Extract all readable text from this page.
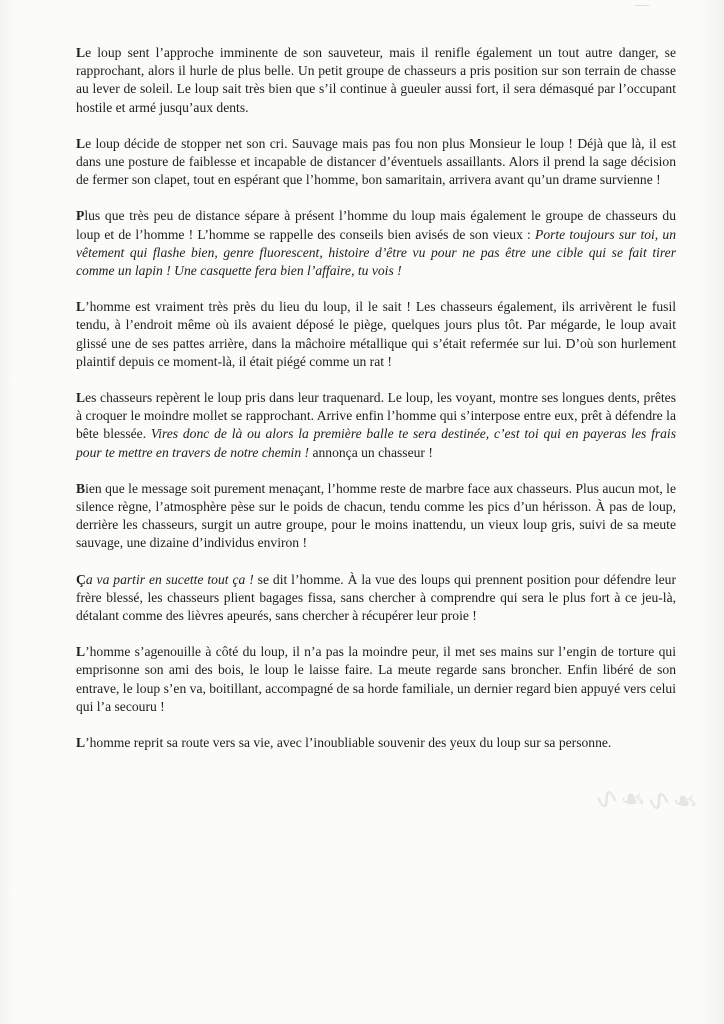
Le loup sent l’approche imminente de son sauveteur, mais il renifle également un tout autre danger, se rapprochant, alors il hurle de plus belle. Un petit groupe de chasseurs a pris position sur son terrain de chasse au lever de soleil. Le loup sait très bien que s’il continue à gueuler aussi fort, il sera démasqué par l’occupant hostile et armé jusqu’aux dents.

Le loup décide de stopper net son cri. Sauvage mais pas fou non plus Monsieur le loup ! Déjà que là, il est dans une posture de faiblesse et incapable de distancer d’éventuels assaillants. Alors il prend la sage décision de fermer son clapet, tout en espérant que l’homme, bon samaritain, arrivera avant qu’un drame survienne !

Plus que très peu de distance sépare à présent l’homme du loup mais également le groupe de chasseurs du loup et de l’homme ! L’homme se rappelle des conseils bien avisés de son vieux : Porte toujours sur toi, un vêtement qui flashe bien, genre fluorescent, histoire d’être vu pour ne pas être une cible qui se fait tirer comme un lapin ! Une casquette fera bien l’affaire, tu vois !

L’homme est vraiment très près du lieu du loup, il le sait ! Les chasseurs également, ils arrivèrent le fusil tendu, à l’endroit même où ils avaient déposé le piège, quelques jours plus tôt. Par mégarde, le loup avait glissé une de ses pattes arrière, dans la mâchoire métallique qui s’était refermée sur lui. D’où son hurlement plaintif depuis ce moment-là, il était piégé comme un rat !

Les chasseurs repèrent le loup pris dans leur traquenard. Le loup, les voyant, montre ses longues dents, prêtes à croquer le moindre mollet se rapprochant. Arrive enfin l’homme qui s’interpose entre eux, prêt à défendre la bête blessée. Vires donc de là ou alors la première balle te sera destinée, c’est toi qui en payeras les frais pour te mettre en travers de notre chemin ! annonça un chasseur !

Bien que le message soit purement menaçant, l’homme reste de marbre face aux chasseurs. Plus aucun mot, le silence règne, l’atmosphère pèse sur le poids de chacun, tendu comme les pics d’un hérisson. À pas de loup, derrière les chasseurs, surgit un autre groupe, pour le moins inattendu, un vieux loup gris, suivi de sa meute sauvage, une dizaine d’individus environ !

Ça va partir en sucette tout ça ! se dit l’homme. À la vue des loups qui prennent position pour défendre leur frère blessé, les chasseurs plient bagages fissa, sans chercher à comprendre qui sera le plus fort à ce jeu-là, détalant comme des lièvres apeurés, sans chercher à récupérer leur proie !

L’homme s’agenouille à côté du loup, il n’a pas la moindre peur, il met ses mains sur l’engin de torture qui emprisonne son ami des bois, le loup le laisse faire. La meute regarde sans broncher. Enfin libéré de son entrave, le loup s’en va, boitillant, accompagné de sa horde familiale, un dernier regard bien appuyé vers celui qui l’a secouru !

L’homme reprit sa route vers sa vie, avec l’inoubliable souvenir des yeux du loup sur sa personne.

❧∿❧∿
